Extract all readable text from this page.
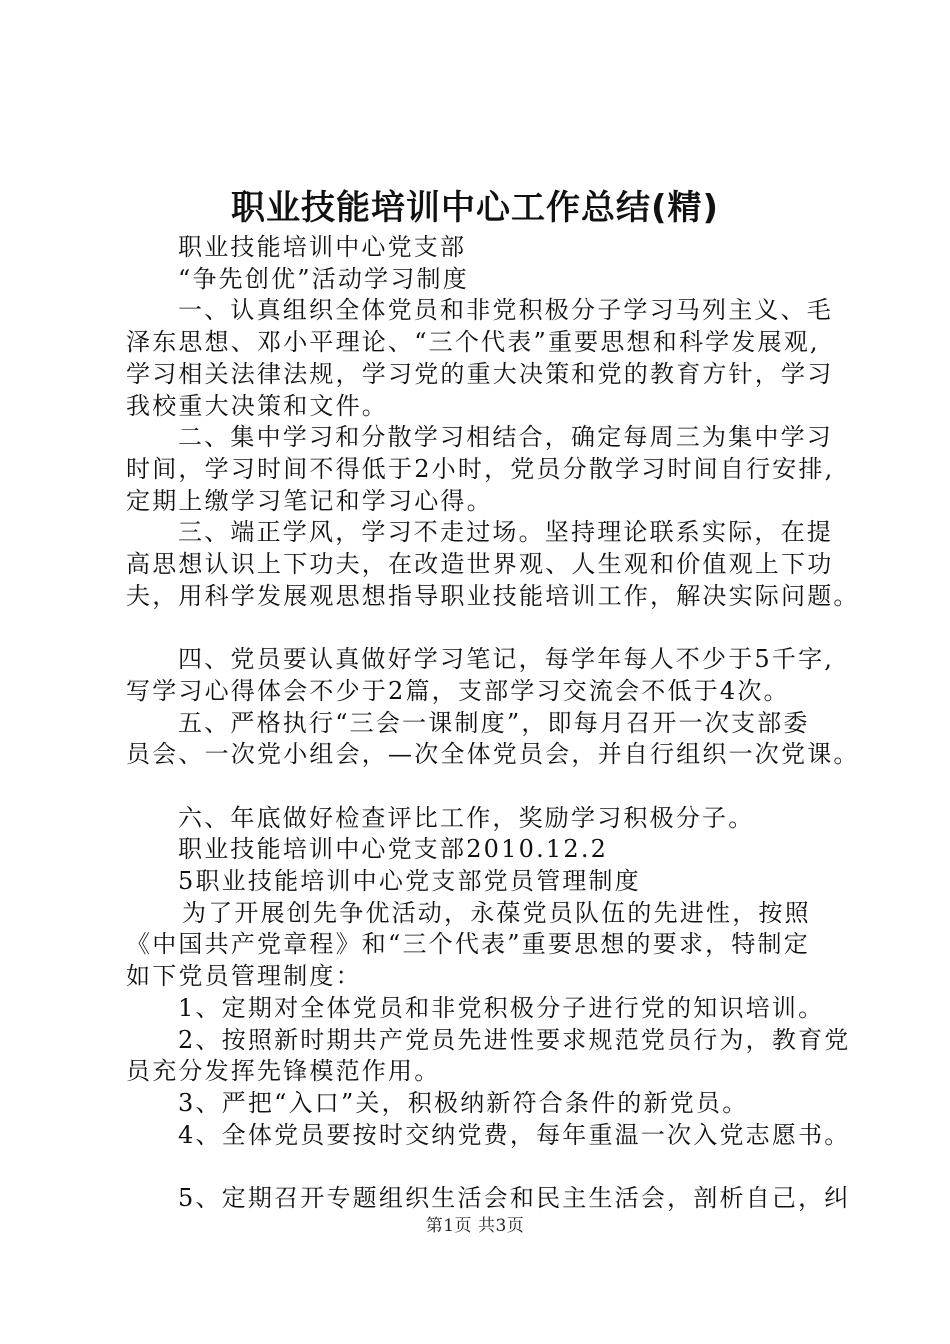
职业技能培训中心工作总结(精)

职业技能培训中心党支部

“争先创优”活动学习制度

一、认真组织全体党员和非党积极分子学习马列主义、毛

泽东思想、邓小平理论、“三个代表”重要思想和科学发展观,

学习相关法律法规，学习党的重大决策和党的教育方针，学习

我校重大决策和文件。

二、集中学习和分散学习相结合，确定每周三为集中学习

时间，学习时间不得低于2小时，党员分散学习时间自行安排,

定期上缴学习笔记和学习心得。

三、端正学风，学习不走过场。坚持理论联系实际，在提

高思想认识上下功夫，在改造世界观、人生观和价值观上下功

夫，用科学发展观思想指导职业技能培训工作，解决实际问题。

四、党员要认真做好学习笔记，每学年每人不少于5千字,

写学习心得体会不少于2篇，支部学习交流会不低于4次。

五、严格执行“三会一课制度”，即每月召开一次支部委

员会、一次党小组会，—次全体党员会，并自行组织一次党课。

六、年底做好检查评比工作，奖励学习积极分子。

职业技能培训中心党支部2010.12.2

5职业技能培训中心党支部党员管理制度

为了开展创先争优活动，永葆党员队伍的先进性，按照

《中国共产党章程》和“三个代表”重要思想的要求，特制定

如下党员管理制度：

1、定期对全体党员和非党积极分子进行党的知识培训。

2、按照新时期共产党员先进性要求规范党员行为，教育党

员充分发挥先锋模范作用。

3、严把“入口”关，积极纳新符合条件的新党员。

4、全体党员要按时交纳党费，每年重温一次入党志愿书。

5、定期召开专题组织生活会和民主生活会，剖析自己，纠

第1页 共3页
